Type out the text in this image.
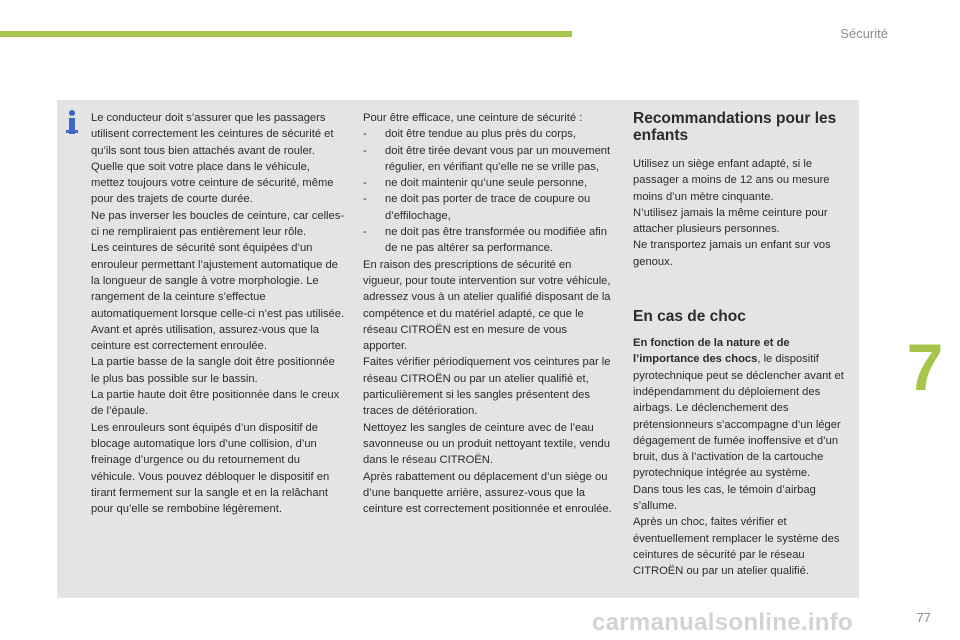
Sécurité

Le conducteur doit s’assurer que les passagers utilisent correctement les ceintures de sécurité et qu’ils sont tous bien attachés avant de rouler.

Quelle que soit votre place dans le véhicule, mettez toujours votre ceinture de sécurité, même pour des trajets de courte durée.

Ne pas inverser les boucles de ceinture, car celles-ci ne rempliraient pas entièrement leur rôle.

Les ceintures de sécurité sont équipées d’un enrouleur permettant l’ajustement automatique de la longueur de sangle à votre morphologie. Le rangement de la ceinture s’effectue automatiquement lorsque celle-ci n’est pas utilisée.

Avant et après utilisation, assurez-vous que la ceinture est correctement enroulée.

La partie basse de la sangle doit être positionnée le plus bas possible sur le bassin.

La partie haute doit être positionnée dans le creux de l’épaule.

Les enrouleurs sont équipés d’un dispositif de blocage automatique lors d’une collision, d’un freinage d’urgence ou du retournement du véhicule. Vous pouvez débloquer le dispositif en tirant fermement sur la sangle et en la relâchant pour qu’elle se rembobine légèrement.

Pour être efficace, une ceinture de sécurité :

-	doit être tendue au plus près du corps,
-	doit être tirée devant vous par un mouvement régulier, en vérifiant qu’elle ne se vrille pas,
-	ne doit maintenir qu’une seule personne,
-	ne doit pas porter de trace de coupure ou d’effilochage,
-	ne doit pas être transformée ou modifiée afin de ne pas altérer sa performance.

En raison des prescriptions de sécurité en vigueur, pour toute intervention sur votre véhicule, adressez vous à un atelier qualifié disposant de la compétence et du matériel adapté, ce que le réseau CITROËN est en mesure de vous apporter.

Faites vérifier périodiquement vos ceintures par le réseau CITROËN ou par un atelier qualifié et, particulièrement si les sangles présentent des traces de détérioration.

Nettoyez les sangles de ceinture avec de l’eau savonneuse ou un produit nettoyant textile, vendu dans le réseau CITROËN.

Après rabattement ou déplacement d’un siège ou d’une banquette arrière, assurez-vous que la ceinture est correctement positionnée et enroulée.

Recommandations pour les enfants

Utilisez un siège enfant adapté, si le passager a moins de 12 ans ou mesure moins d’un mètre cinquante.

N’utilisez jamais la même ceinture pour attacher plusieurs personnes.

Ne transportez jamais un enfant sur vos genoux.

En cas de choc

En fonction de la nature et de l’importance des chocs, le dispositif pyrotechnique peut se déclencher avant et indépendamment du déploiement des airbags. Le déclenchement des prétensionneurs s’accompagne d’un léger dégagement de fumée inoffensive et d’un bruit, dus à l’activation de la cartouche pyrotechnique intégrée au système.

Dans tous les cas, le témoin d’airbag s’allume.

Après un choc, faites vérifier et éventuellement remplacer le système des ceintures de sécurité par le réseau CITROËN ou par un atelier qualifié.

7
carmanualsonline.info	77
